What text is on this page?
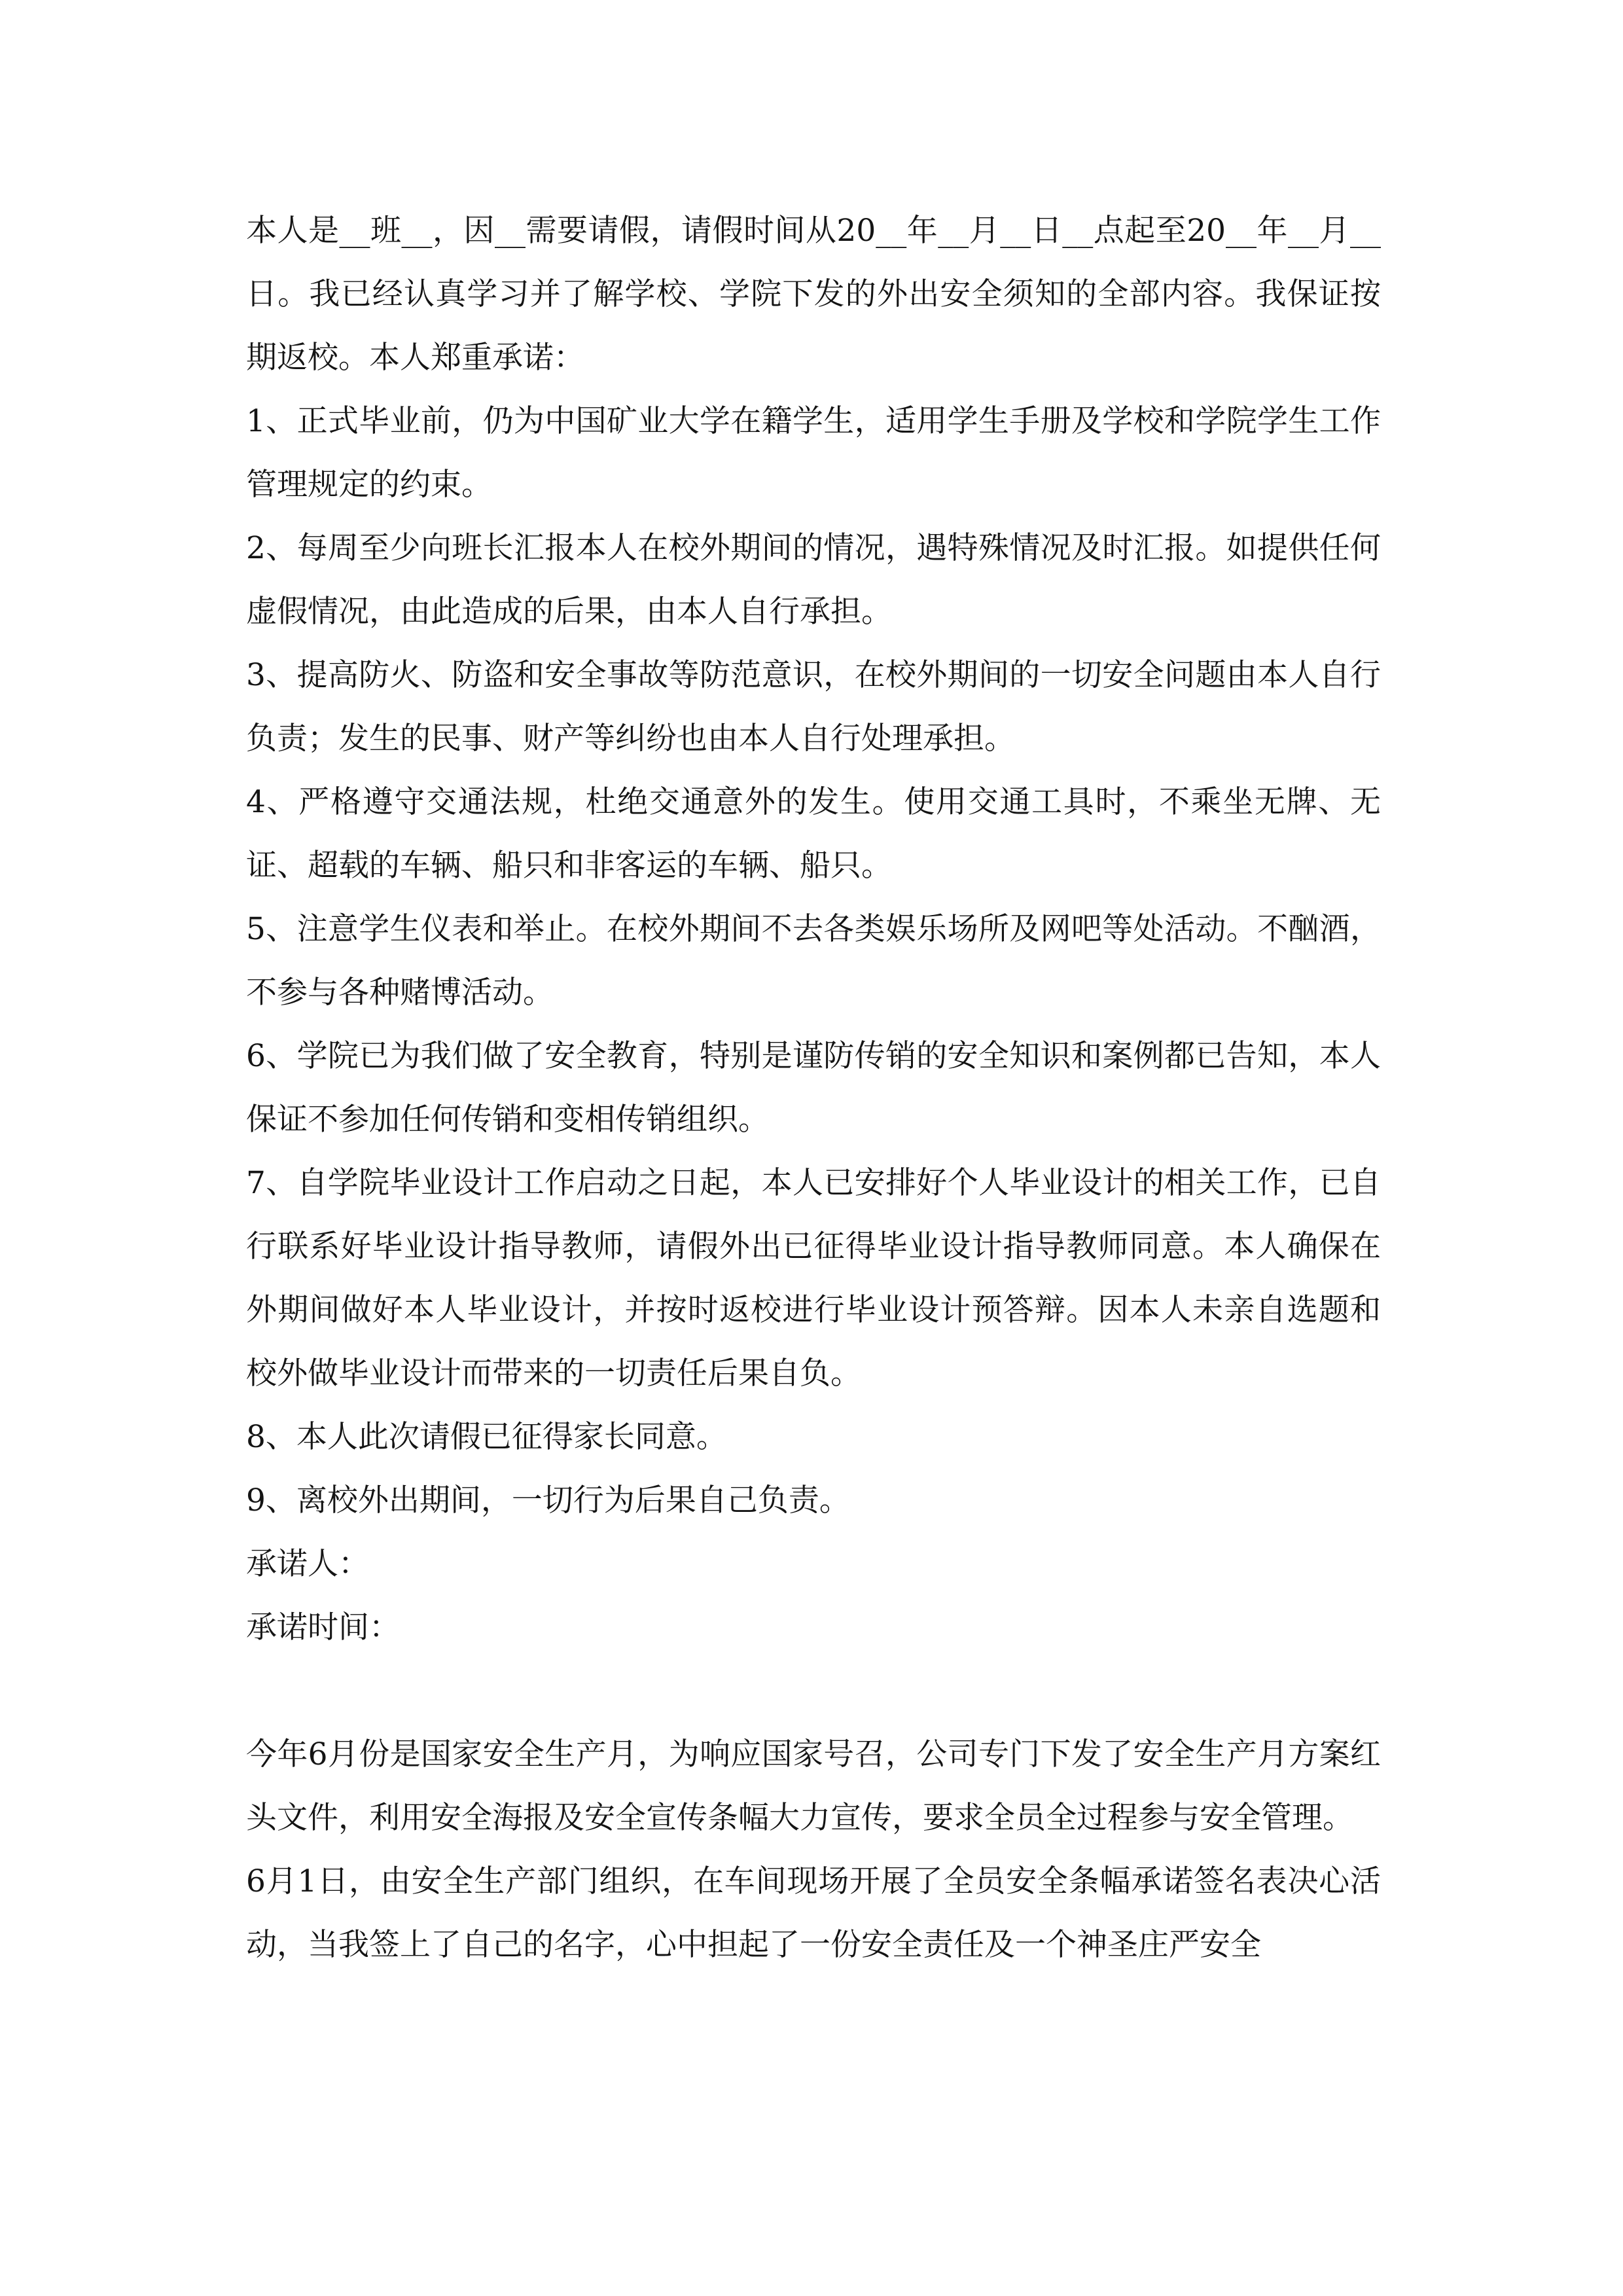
本人是__班__，因__需要请假，请假时间从20__年__月__日__点起至20__年__月__日。我已经认真学习并了解学校、学院下发的外出安全须知的全部内容。我保证按期返校。本人郑重承诺：

1、正式毕业前，仍为中国矿业大学在籍学生，适用学生手册及学校和学院学生工作管理规定的约束。

2、每周至少向班长汇报本人在校外期间的情况，遇特殊情况及时汇报。如提供任何虚假情况，由此造成的后果，由本人自行承担。

3、提高防火、防盗和安全事故等防范意识，在校外期间的一切安全问题由本人自行负责；发生的民事、财产等纠纷也由本人自行处理承担。

4、严格遵守交通法规，杜绝交通意外的发生。使用交通工具时，不乘坐无牌、无证、超载的车辆、船只和非客运的车辆、船只。

5、注意学生仪表和举止。在校外期间不去各类娱乐场所及网吧等处活动。不酗酒，不参与各种赌博活动。

6、学院已为我们做了安全教育，特别是谨防传销的安全知识和案例都已告知，本人保证不参加任何传销和变相传销组织。

7、自学院毕业设计工作启动之日起，本人已安排好个人毕业设计的相关工作，已自行联系好毕业设计指导教师，请假外出已征得毕业设计指导教师同意。本人确保在外期间做好本人毕业设计，并按时返校进行毕业设计预答辩。因本人未亲自选题和校外做毕业设计而带来的一切责任后果自负。

8、本人此次请假已征得家长同意。

9、离校外出期间，一切行为后果自己负责。

承诺人：

承诺时间：

今年6月份是国家安全生产月，为响应国家号召，公司专门下发了安全生产月方案红头文件，利用安全海报及安全宣传条幅大力宣传，要求全员全过程参与安全管理。

6月1日，由安全生产部门组织，在车间现场开展了全员安全条幅承诺签名表决心活动，当我签上了自己的名字，心中担起了一份安全责任及一个神圣庄严安全
